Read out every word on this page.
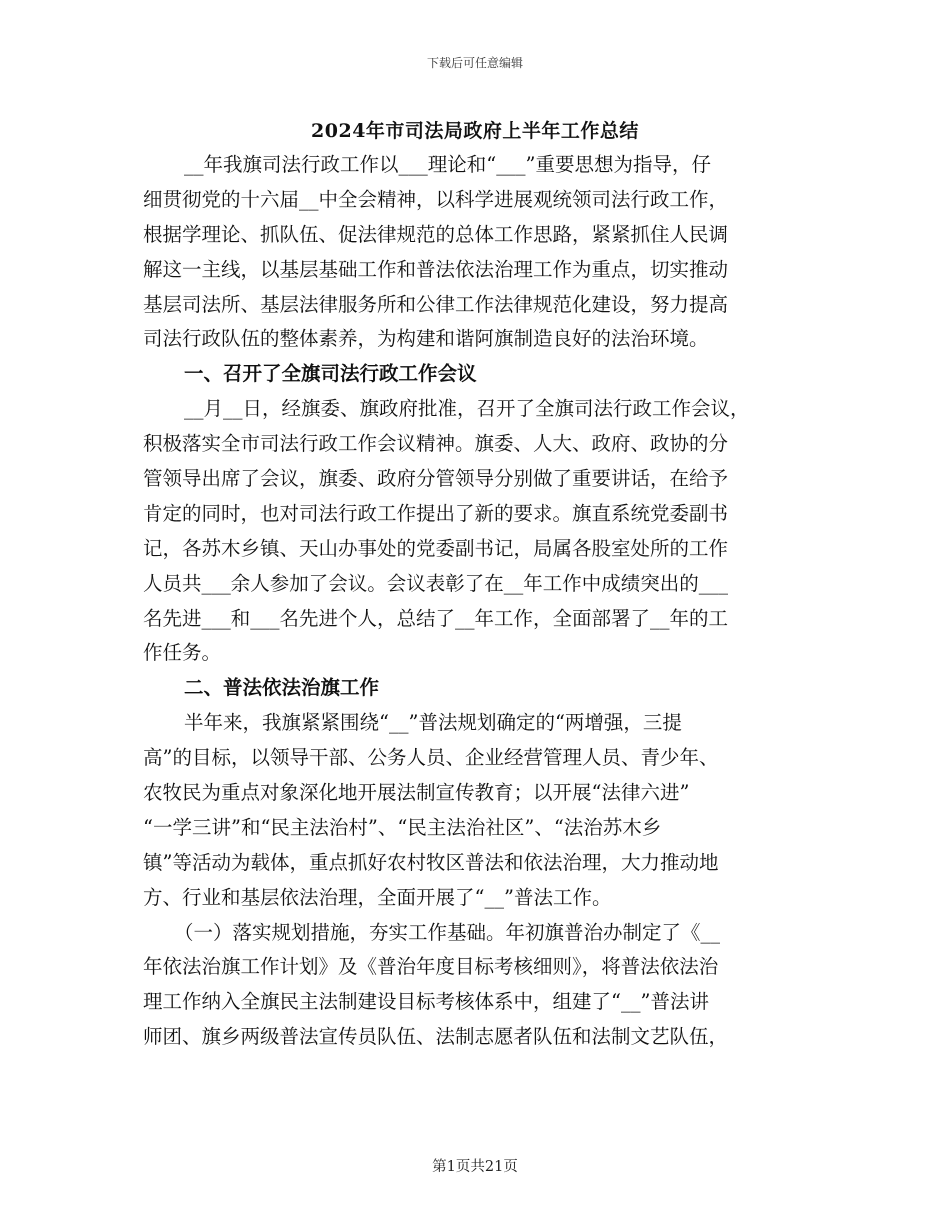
下载后可任意编辑
2024年市司法局政府上半年工作总结
__年我旗司法行政工作以___理论和“___”重要思想为指导，仔
细贯彻党的十六届__中全会精神，以科学进展观统领司法行政工作，
根据学理论、抓队伍、促法律规范的总体工作思路，紧紧抓住人民调
解这一主线，以基层基础工作和普法依法治理工作为重点，切实推动
基层司法所、基层法律服务所和公律工作法律规范化建设，努力提高
司法行政队伍的整体素养，为构建和谐阿旗制造良好的法治环境。
一、召开了全旗司法行政工作会议
__月__日，经旗委、旗政府批准，召开了全旗司法行政工作会议，
积极落实全市司法行政工作会议精神。旗委、人大、政府、政协的分
管领导出席了会议，旗委、政府分管领导分别做了重要讲话，在给予
肯定的同时，也对司法行政工作提出了新的要求。旗直系统党委副书
记，各苏木乡镇、天山办事处的党委副书记，局属各股室处所的工作
人员共___余人参加了会议。会议表彰了在__年工作中成绩突出的___
名先进___和___名先进个人，总结了__年工作，全面部署了__年的工
作任务。
二、普法依法治旗工作
半年来，我旗紧紧围绕“__”普法规划确定的“两增强，三提
高”的目标，以领导干部、公务人员、企业经营管理人员、青少年、
农牧民为重点对象深化地开展法制宣传教育；以开展“法律六进”
“一学三讲”和“民主法治村”、“民主法治社区”、“法治苏木乡
镇”等活动为载体，重点抓好农村牧区普法和依法治理，大力推动地
方、行业和基层依法治理，全面开展了“__”普法工作。
（一）落实规划措施，夯实工作基础。年初旗普治办制定了《__
年依法治旗工作计划》及《普治年度目标考核细则》，将普法依法治
理工作纳入全旗民主法制建设目标考核体系中，组建了“__”普法讲
师团、旗乡两级普法宣传员队伍、法制志愿者队伍和法制文艺队伍，
第1页共21页
